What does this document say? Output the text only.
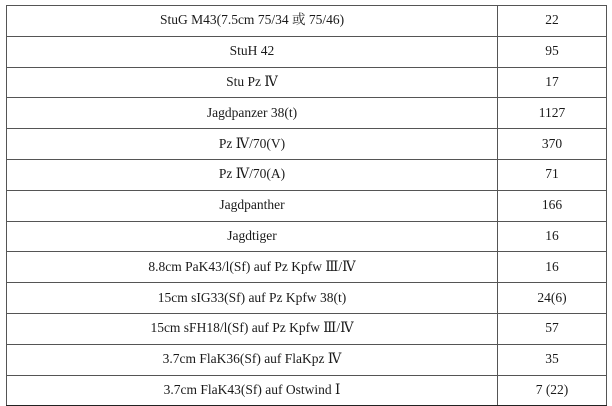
StuG M43(7.5cm 75/34 或 75/46)	22
StuH 42	95
Stu Pz Ⅳ	17
Jagdpanzer 38(t)	1127
Pz Ⅳ/70(V)	370
Pz Ⅳ/70(A)	71
Jagdpanther	166
Jagdtiger	16
8.8cm PaK43/l(Sf) auf Pz Kpfw Ⅲ/Ⅳ	16
15cm sIG33(Sf) auf Pz Kpfw 38(t)	24(6)
15cm sFH18/l(Sf) auf Pz Kpfw Ⅲ/Ⅳ	57
3.7cm FlaK36(Sf) auf FlaKpz Ⅳ	35
3.7cm FlaK43(Sf) auf Ostwind Ⅰ	7 (22)
